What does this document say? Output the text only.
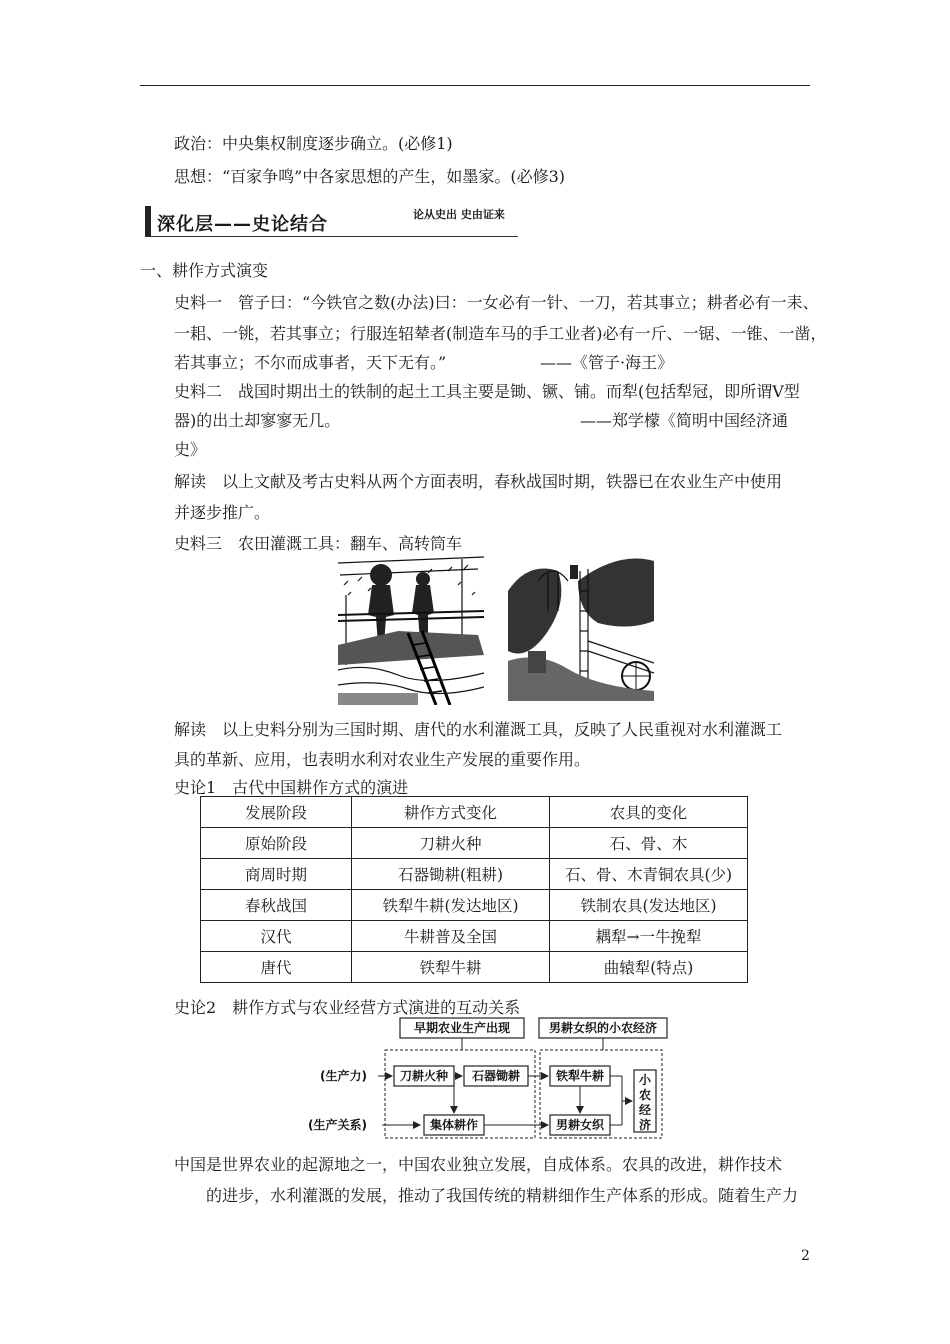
政治：中央集权制度逐步确立。(必修1)
思想：“百家争鸣”中各家思想的产生，如墨家。(必修3)
深化层——史论结合	论从史出 史由证来
一、耕作方式演变
史料一　管子曰：“今铁官之数(办法)曰：一女必有一针、一刀，若其事立；耕者必有一耒、
一耜、一铫，若其事立；行服连轺辇者(制造车马的手工业者)必有一斤、一锯、一锥、一凿，
若其事立；不尔而成事者，天下无有。”	——《管子·海王》
史料二　战国时期出土的铁制的起土工具主要是锄、镢、铺。而犁(包括犁冠，即所谓Ⅴ型
器)的出土却寥寥无几。	——郑学檬《简明中国经济通
史》
解读　以上文献及考古史料从两个方面表明，春秋战国时期，铁器已在农业生产中使用
并逐步推广。
史料三　农田灌溉工具：翻车、高转筒车
解读　以上史料分别为三国时期、唐代的水利灌溉工具，反映了人民重视对水利灌溉工
具的革新、应用，也表明水利对农业生产发展的重要作用。
史论1　古代中国耕作方式的演进
发展阶段	耕作方式变化	农具的变化
原始阶段	刀耕火种	石、骨、木
商周时期	石器锄耕(粗耕)	石、骨、木青铜农具(少)
春秋战国	铁犁牛耕(发达地区)	铁制农具(发达地区)
汉代	牛耕普及全国	耦犁→一牛挽犁
唐代	铁犁牛耕	曲辕犁(特点)
史论2　耕作方式与农业经营方式演进的互动关系
早期农业生产出现	男耕女织的小农经济
(生产力)
(生产关系)
刀耕火种 石器锄耕
集体耕作
铁犁牛耕
男耕女织
小
农
经
济
中国是世界农业的起源地之一，中国农业独立发展，自成体系。农具的改进，耕作技术
的进步，水利灌溉的发展，推动了我国传统的精耕细作生产体系的形成。随着生产力
2
